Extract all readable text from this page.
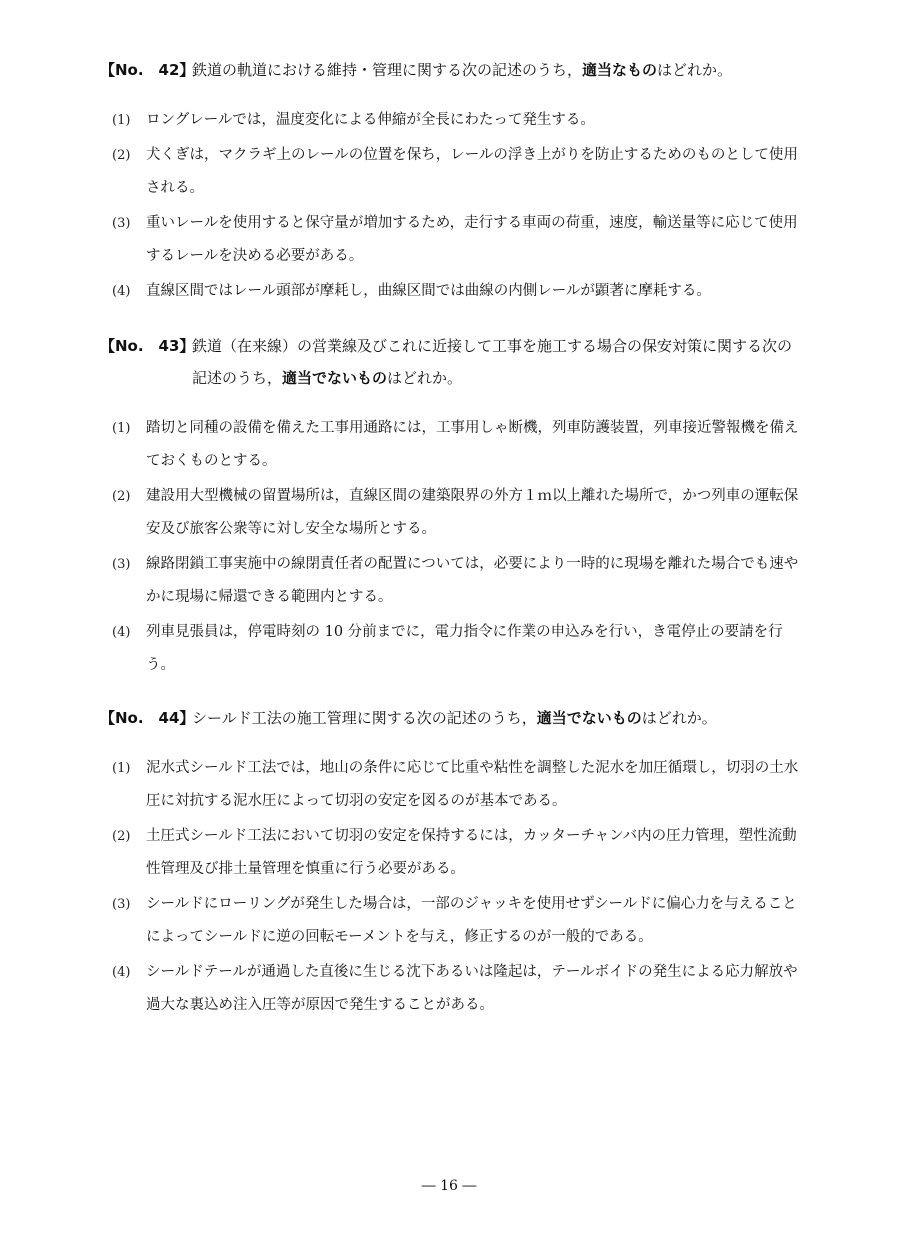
【No.　42】
鉄道の軌道における維持・管理に関する次の記述のうち，適当なものはどれか。
(1)	ロングレールでは，温度変化による伸縮が全長にわたって発生する。
(2)	犬くぎは，マクラギ上のレールの位置を保ち，レールの浮き上がりを防止するためのものとして使用される。
(3)	重いレールを使用すると保守量が増加するため，走行する車両の荷重，速度，輸送量等に応じて使用するレールを決める必要がある。
(4)	直線区間ではレール頭部が摩耗し，曲線区間では曲線の内側レールが顕著に摩耗する。
【No.　43】
鉄道（在来線）の営業線及びこれに近接して工事を施工する場合の保安対策に関する次の記述のうち，適当でないものはどれか。
(1)	踏切と同種の設備を備えた工事用通路には，工事用しゃ断機，列車防護装置，列車接近警報機を備えておくものとする。
(2)	建設用大型機械の留置場所は，直線区間の建築限界の外方１ｍ以上離れた場所で，かつ列車の運転保安及び旅客公衆等に対し安全な場所とする。
(3)	線路閉鎖工事実施中の線閉責任者の配置については，必要により一時的に現場を離れた場合でも速やかに現場に帰還できる範囲内とする。
(4)	列車見張員は，停電時刻の 10 分前までに，電力指令に作業の申込みを行い，き電停止の要請を行う。
【No.　44】
シールド工法の施工管理に関する次の記述のうち，適当でないものはどれか。
(1)	泥水式シールド工法では，地山の条件に応じて比重や粘性を調整した泥水を加圧循環し，切羽の土水圧に対抗する泥水圧によって切羽の安定を図るのが基本である。
(2)	土圧式シールド工法において切羽の安定を保持するには，カッターチャンバ内の圧力管理，塑性流動性管理及び排土量管理を慎重に行う必要がある。
(3)	シールドにローリングが発生した場合は，一部のジャッキを使用せずシールドに偏心力を与えることによってシールドに逆の回転モーメントを与え，修正するのが一般的である。
(4)	シールドテールが通過した直後に生じる沈下あるいは隆起は，テールボイドの発生による応力解放や過大な裏込め注入圧等が原因で発生することがある。
― 16 ―
